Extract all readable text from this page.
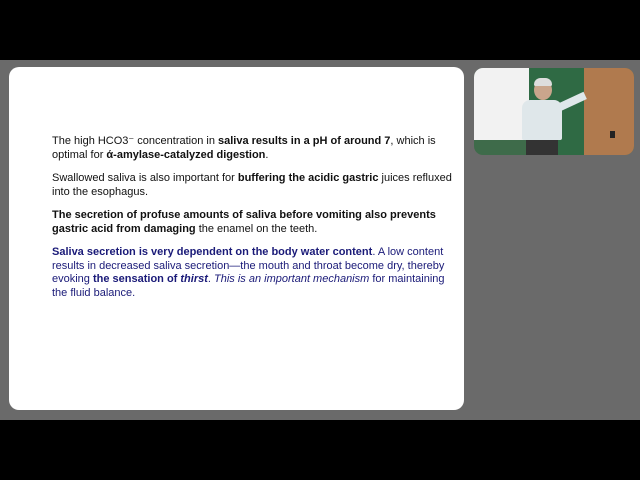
The high HCO3⁻ concentration in saliva results in a pH of around 7, which is optimal for ά-amylase-catalyzed digestion.

Swallowed saliva is also important for buffering the acidic gastric juices refluxed into the esophagus.

The secretion of profuse amounts of saliva before vomiting also prevents gastric acid from damaging the enamel on the teeth.

Saliva secretion is very dependent on the body water content. A low content results in decreased saliva secretion—the mouth and throat become dry, thereby evoking the sensation of thirst. This is an important mechanism for maintaining the fluid balance.
